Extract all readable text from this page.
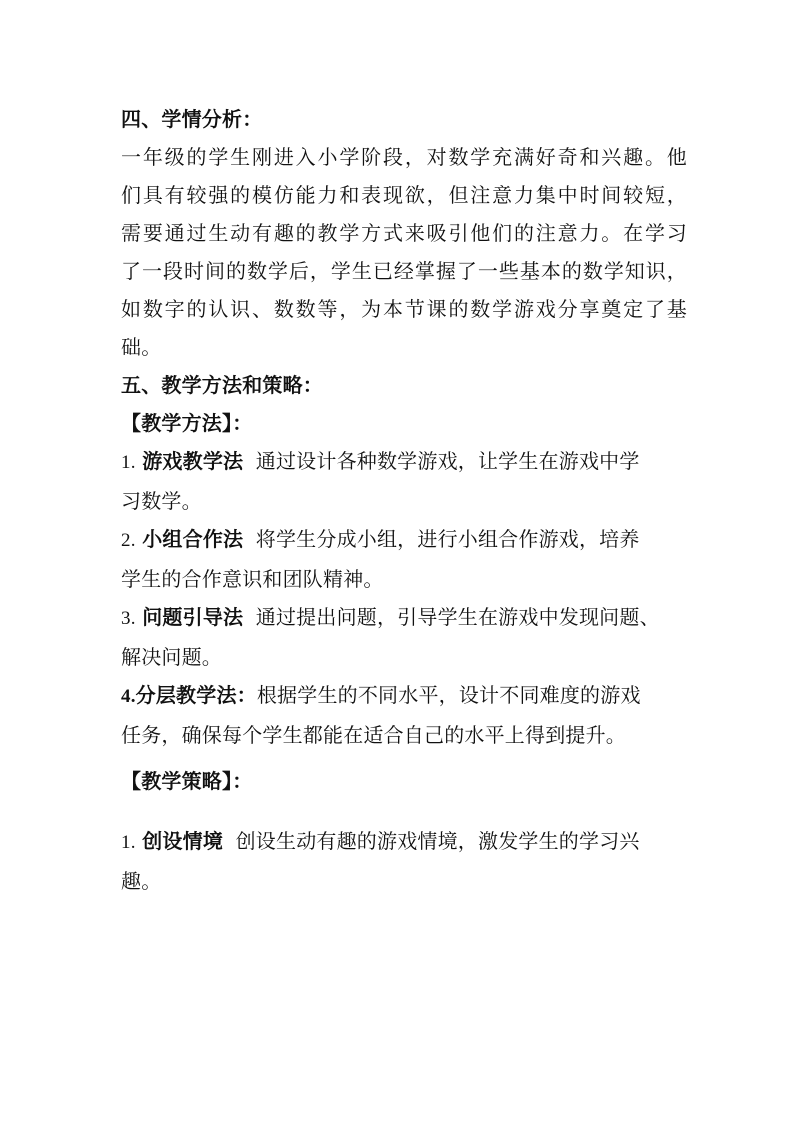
四、学情分析：
一年级的学生刚进入小学阶段，对数学充满好奇和兴趣。他
们具有较强的模仿能力和表现欲，但注意力集中时间较短，
需要通过生动有趣的教学方式来吸引他们的注意力。在学习
了一段时间的数学后，学生已经掌握了一些基本的数学知识，
如数字的认识、数数等，为本节课的数学游戏分享奠定了基
础。
五、教学方法和策略：
【教学方法】：
1. 游戏教学法 通过设计各种数学游戏，让学生在游戏中学
习数学。
2. 小组合作法 将学生分成小组，进行小组合作游戏，培养
学生的合作意识和团队精神。
3. 问题引导法 通过提出问题，引导学生在游戏中发现问题、
解决问题。
4.分层教学法：根据学生的不同水平，设计不同难度的游戏
任务，确保每个学生都能在适合自己的水平上得到提升。
【教学策略】：
1. 创设情境 创设生动有趣的游戏情境，激发学生的学习兴
趣。
